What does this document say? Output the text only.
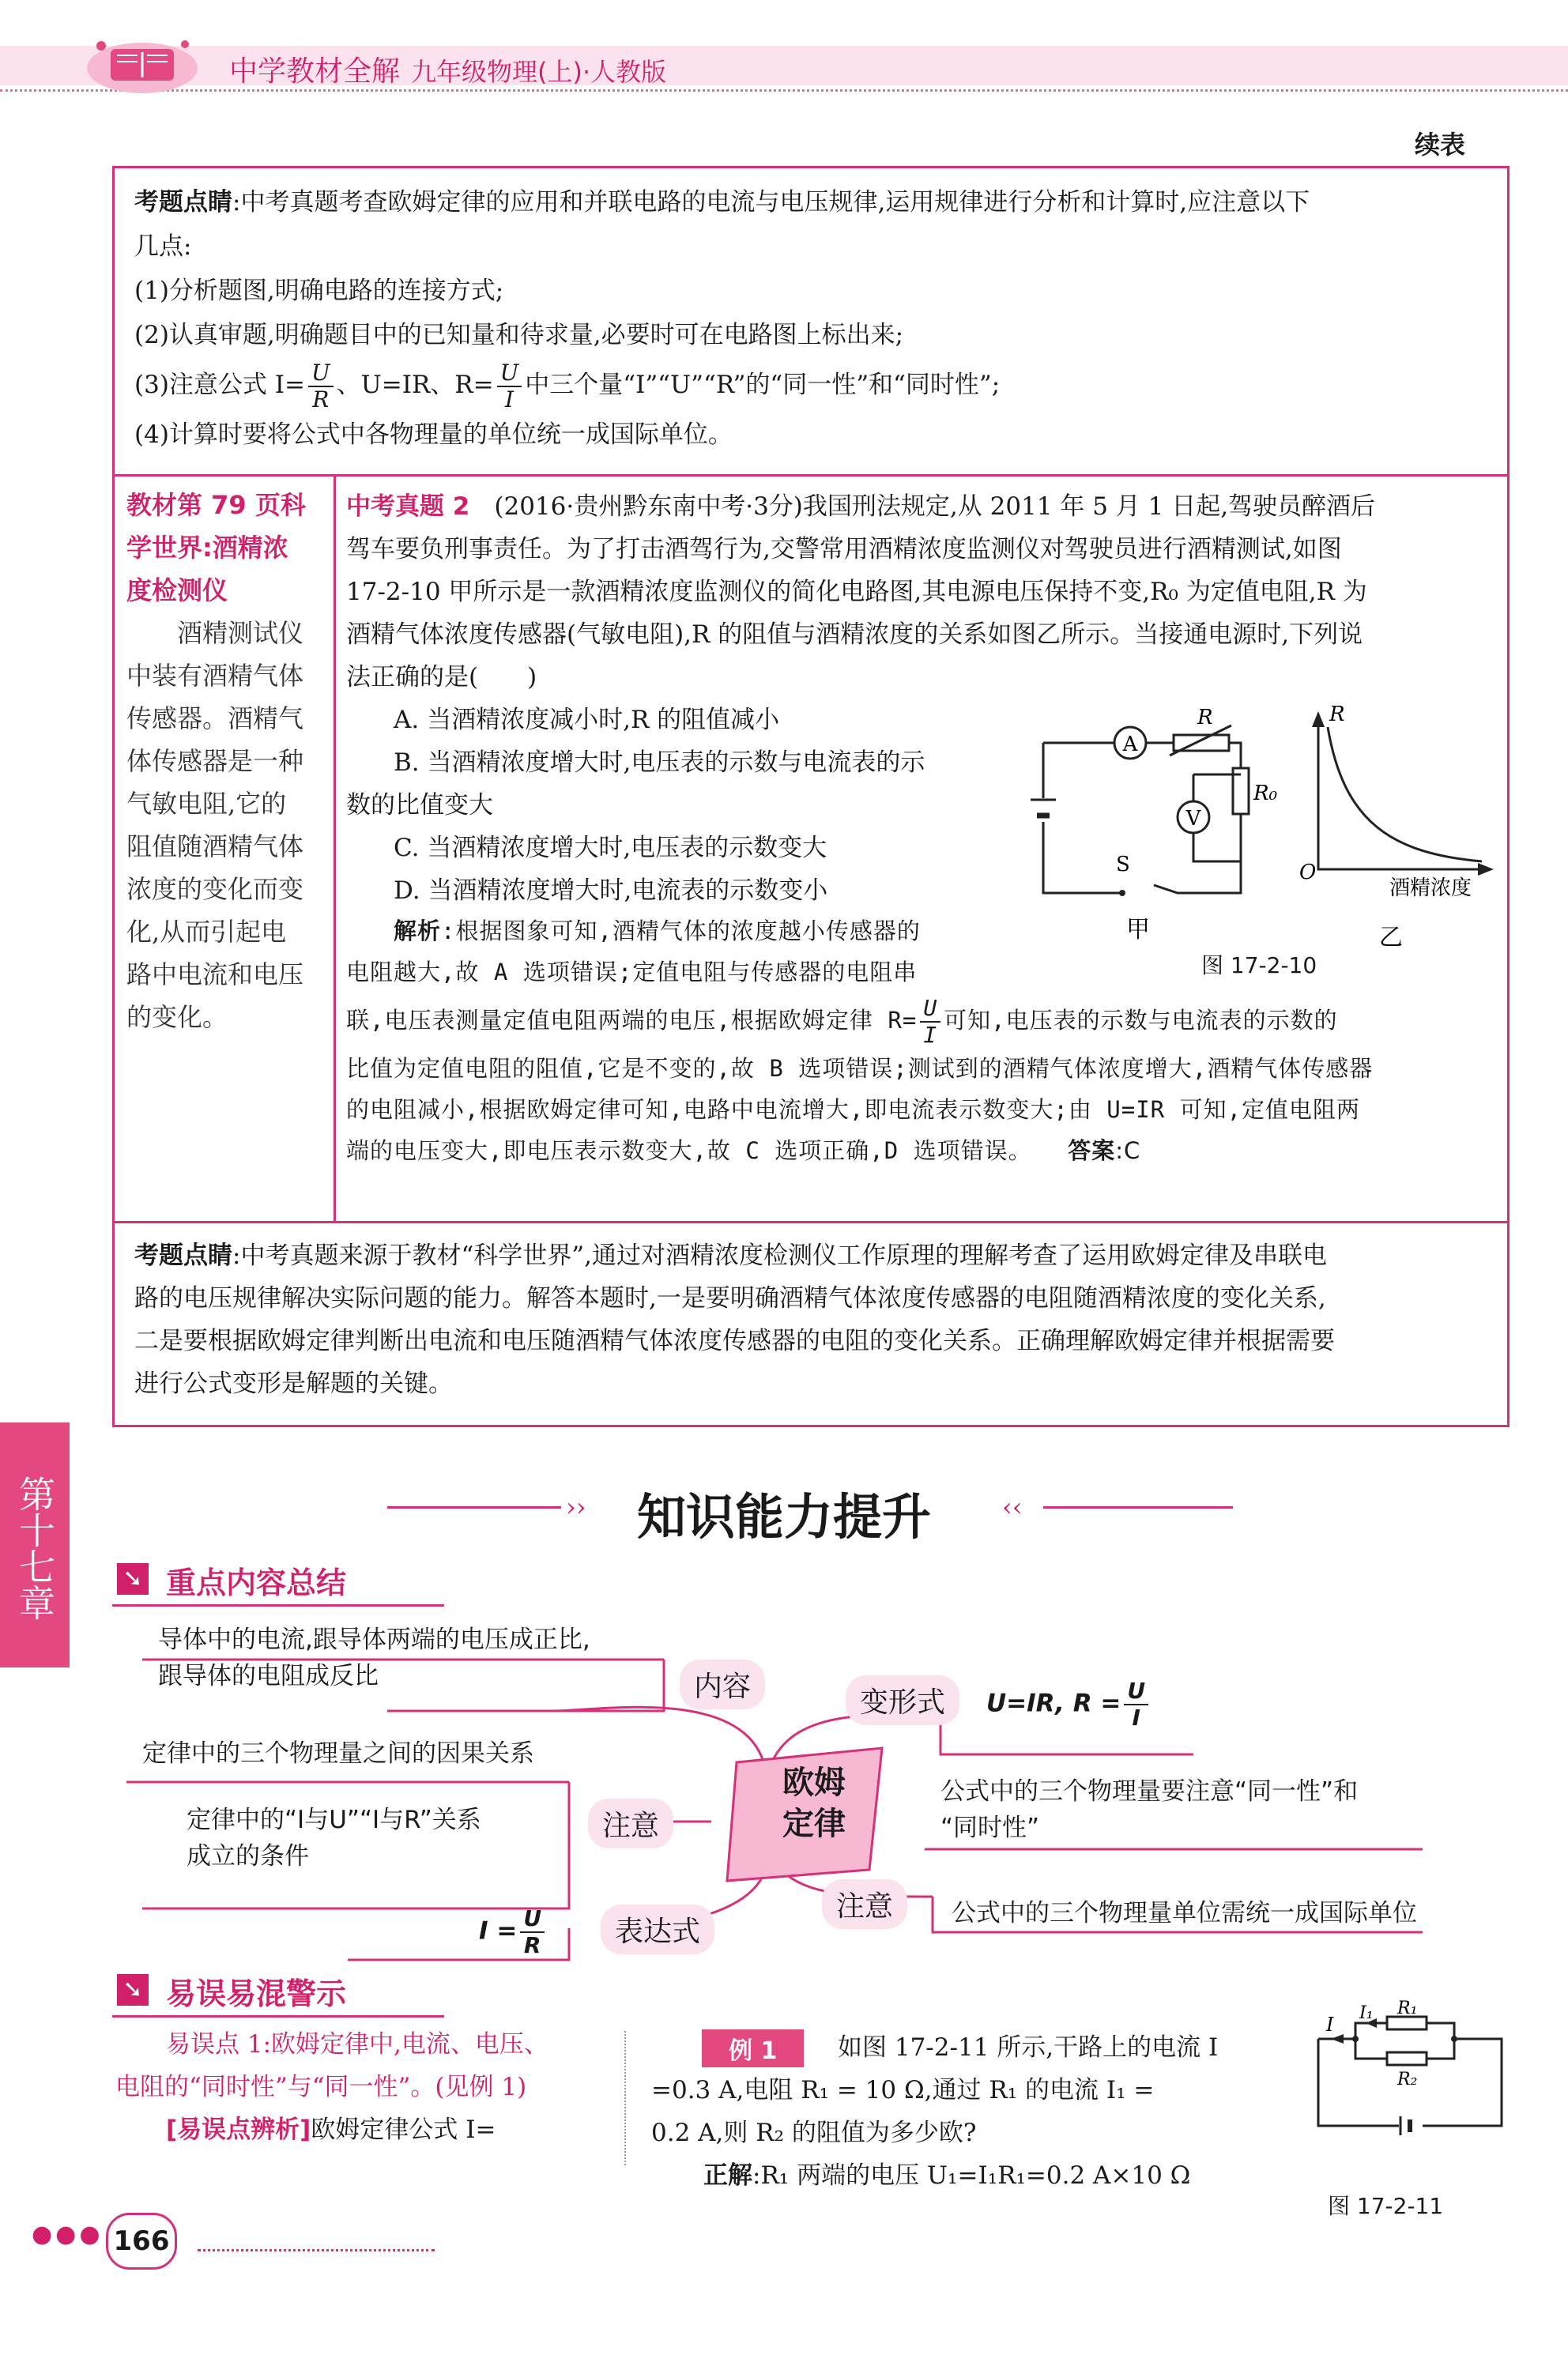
中学教材全解 九年级物理(上)·人教版
续表
考题点睛:中考真题考查欧姆定律的应用和并联电路的电流与电压规律,运用规律进行分析和计算时,应注意以下
几点:
(1)分析题图,明确电路的连接方式;
(2)认真审题,明确题目中的已知量和待求量,必要时可在电路图上标出来;
(3)注意公式 $I= \frac{U}{R}$ 、U=IR、$R= \frac{U}{I}$ 中三个量“I”“U”“R”的“同一性”和“同时性”;
(4)计算时要将公式中各物理量的单位统一成国际单位。
教材第 79 页科
学世界:酒精浓
度检测仪
酒精测试仪
中装有酒精气体
传感器。酒精气
体传感器是一种
气敏电阻,它的
阻值随酒精气体
浓度的变化而变
化,从而引起电
路中电流和电压
的变化。
中考真题 2　 (2016·贵州黔东南中考·3分)我国刑法规定,从 2011 年 5 月 1 日起,驾驶员醉酒后
驾车要负刑事责任。为了打击酒驾行为,交警常用酒精浓度监测仪对驾驶员进行酒精测试,如图
17-2-10 甲所示是一款酒精浓度监测仪的简化电路图,其电源电压保持不变,R₀ 为定值电阻,R 为
酒精气体浓度传感器(气敏电阻),R 的阻值与酒精浓度的关系如图乙所示。当接通电源时,下列说
法正确的是(　　)
A. 当酒精浓度减小时,R 的阻值减小
B. 当酒精浓度增大时,电压表的示数与电流表的示
数的比值变大
C. 当酒精浓度增大时,电压表的示数变大
D. 当酒精浓度增大时,电流表的示数变小
解析:根据图象可知,酒精气体的浓度越小传感器的
电阻越大,故 A 选项错误;定值电阻与传感器的电阻串
联,电压表测量定值电阻两端的电压,根据欧姆定律 $R= \frac{U}{I}$ 可知,电压表的示数与电流表的示数的
比值为定值电阻的阻值,它是不变的,故 B 选项错误;测试到的酒精气体浓度增大,酒精气体传感器
的电阻减小,根据欧姆定律可知,电路中电流增大,即电流表示数变大;由 U=IR 可知,定值电阻两
端的电压变大,即电压表示数变大,故 C 选项正确,D 选项错误。　　 答案:C
A
V
R
R₀
S
甲
R
O
酒精浓度
乙
图 17-2-10
考题点睛:中考真题来源于教材“科学世界”,通过对酒精浓度检测仪工作原理的理解考查了运用欧姆定律及串联电
路的电压规律解决实际问题的能力。解答本题时,一是要明确酒精气体浓度传感器的电阻随酒精浓度的变化关系,
二是要根据欧姆定律判断出电流和电压随酒精气体浓度传感器的电阻的变化关系。正确理解欧姆定律并根据需要
进行公式变形是解题的关键。
第十七章	››	知识能力提升	‹‹
➘ 重点内容总结
欧姆
定律
导体中的电流,跟导体两端的电压成正比,
跟导体的电阻成反比	内容	变形式	U=IR, $R = \frac{U}{I}$
定律中的三个物理量之间的因果关系
定律中的“I与U”“I与R”关系
成立的条件
注意
公式中的三个物理量要注意“同一性”和
“同时性”
注意	公式中的三个物理量单位需统一成国际单位
$I = \frac{U}{R}$	表达式
➘ 易误易混警示
易误点 1:欧姆定律中,电流、电压、
电阻的“同时性”与“同一性”。(见例 1)
[易误点辨析]欧姆定律公式 I=
例 1	如图 17-2-11 所示,干路上的电流 I
=0.3 A,电阻 R₁ = 10 Ω,通过 R₁ 的电流 I₁ =
0.2 A,则 R₂ 的阻值为多少欧?
正解:R₁ 两端的电压 U₁=I₁R₁=0.2 A×10 Ω
I
I₁ R₁
R₂
图 17-2-11
●●● 166
